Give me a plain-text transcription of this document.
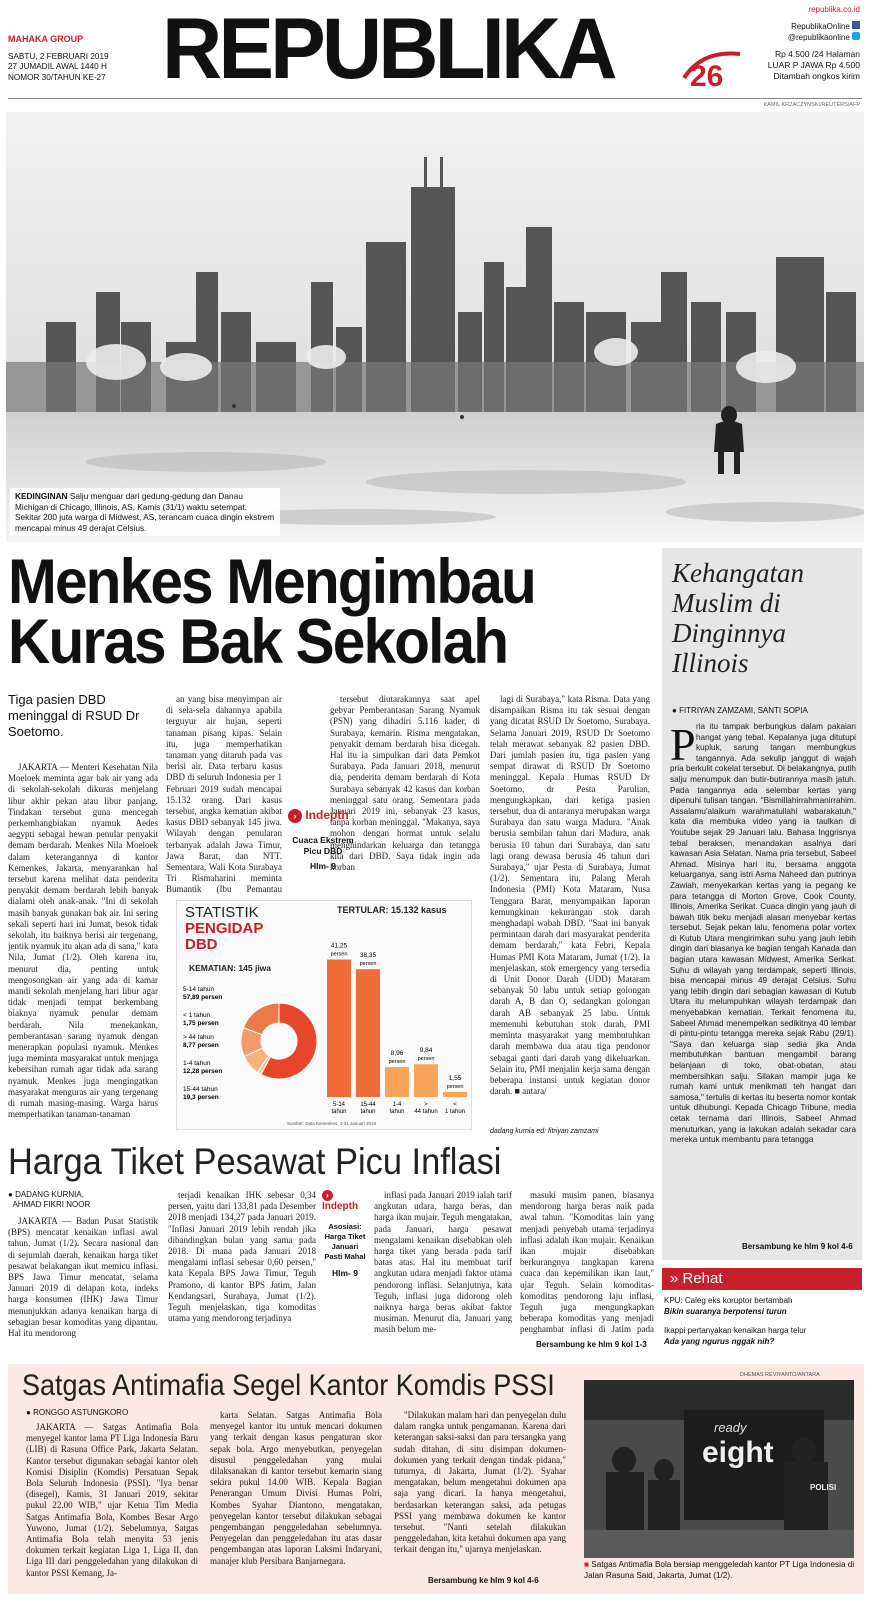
MAHAKA GROUP
SABTU, 2 FEBRUARI 2019
27 JUMADIL AWAL 1440 H
NOMOR 30/TAHUN KE-27 REPUBLIKA	26
republika.co.id
RepublikaOnline
@republikaonline
Rp 4.500 /24 Halaman
LUAR P JAWA Rp 4.500
Ditambah ongkos kirim
KAMIL KRZACZYNSKI/REUTERS/AFP
KEDINGINAN Salju menguar dari gedung-gedung dan Danau Michigan di Chicago, Illinois, AS, Kamis (31/1) waktu setempat. Sekitar 200 juta warga di Midwest, AS, terancam cuaca dingin ekstrem mencapai minus 49 derajat Celsius.
Menkes Mengimbau
Kuras Bak Sekolah
Tiga pasien DBD meninggal di RSUD Dr Soetomo.

JAKARTA — Menteri Kesehatan Nila Moeloek meminta agar bak air yang ada di sekolah-sekolah dikuras menjelang libur akhir pekan atau libur panjang. Tindakan tersebut guna mencegah perkembangbiakan nyamuk Aedes aegypti sebagai hewan penular penyakit demam berdarah. Menkes Nila Moeloek dalam keterangannya di kantor Kemenkes, Jakarta, menyarankan hal tersebut karena melihat data penderita penyakit demam berdarah lebih banyak dialami oleh anak-anak. "Ini di sekolah masih banyak gunakan bak air. Ini sering sekali seperti hari ini Jumat, besok tidak sekolah, itu baiknya berisi air tergenang, jentik nyamuk itu akan ada di sana," kata Nila, Jumat (1/2). Oleh karena itu, menurut dia, penting untuk mengosongkan air yang ada di kamar mandi sekolah menjelang hari libur agar tidak menjadi tempat berkembang biaknya nyamuk penular demam berdarah. Nila menekankan, pemberantasan sarang nyamuk dengan menerapkan populasi nyamuk. Menkes juga meminta masyarakat untuk menjaga kebersihan rumah agar tidak ada sarang nyamuk. Menkes juga mengingatkan masyarakat menguras air yang tergenang di rumah masing-masing. Warga harus memperhatikan tanaman-tanaman

an yang bisa menyimpan air di sela-sela dahannya apabila terguyur air hujan, seperti tanaman pisang kipas. Selain itu, juga memperhatikan tanaman yang ditaruh pada vas berisi air. Data terbaru kasus DBD di seluruh Indonesia per 1 Februari 2019 sudah mencapai 15.132 orang. Dari kasus tersebut, angka kematian akibat kasus DBD sebanyak 145 jiwa. Wilayah dengan penularan terbanyak adalah Jawa Timur, Jawa Barat, dan NTT. Sementara, Wali Kota Surabaya Tri Rismaharini meminta Bumantik (Ibu Pemantau

tersebut diutarakannya saat apel gebyar Pemberantasan Sarang Nyamuk (PSN) yang dihadiri 5.116 kader, di Surabaya, kemarin. Risma mengatakan, penyakit demam berdarah bisa dicegah. Hal itu ia simpulkan dari data Pemkot Surabaya. Pada Januari 2018, menurut dia, penderita demam berdarah di Kota Surabaya sebanyak 42 kasus dan korban meninggal satu orang. Sementara pada Januari 2019 ini, sebanyak 23 kasus, tanpa korban meninggal. "Makanya, saya mohon dengan hormat untuk selalu menghindarkan keluarga dan tetangga kita dari DBD. Saya tidak ingin ada korban

lagi di Surabaya," kata Risma. Data yang disampaikan Risma itu tak sesuai dengan yang dicatat RSUD Dr Soetomo, Surabaya. Selama Januari 2019, RSUD Dr Soetomo telah merawat sebanyak 82 pasien DBD. Dari jumlah pasien itu, tiga pasien yang sempat dirawat di RSUD Dr Soetomo meninggal. Kepala Humas RSUD Dr Soetomo, dr Pesta Parulian, mengungkapkan, dari ketiga pasien tersebut, dua di antaranya merupakan warga Surabaya dan satu warga Madura. "Anak berusia sembilan tahun dari Madura, anak berusia 10 tahun dari Surabaya, dan satu lagi orang dewasa berusia 46 tahun dari Surabaya," ujar Pesta di Surabaya, Jumat (1/2). Sementara itu, Palang Merah Indonesia (PMI) Kota Mataram, Nusa Tenggara Barat, menyampaikan laporan kemungkinan kekurangan stok darah menghadapi wabah DBD. "Saat ini banyak permintaan darah dari masyarakat penderita demam berdarah," kata Febri, Kepala Humas PMI Kota Mataram, Jumat (1/2). Ia menjelaskan, stok emergency yang tersedia di Unit Donor Darah (UDD) Mataram sebanyak 50 labu untuk setiap golongan darah A, B dan O, sedangkan golongan darah AB sebanyak 25 labu. Untuk memenuhi kebutuhan stok darah, PMI meminta masyarakat yang membutuhkan darah membawa dua atau tiga pendonor sebagai ganti dari darah yang dikeluarkan. Selain itu, PMI menjalin kerja sama dengan beberapa instansi untuk kegiatan donor darah. ■ antara/

dadang kurnia ed: fitriyan zamzami
› Indepth
Cuaca Ekstrem Picu DBD
Hlm- 9
STATISTIK
PENGIDAP
DBD
TERTULAR: 15.132 kasus
KEMATIAN: 145 jiwa
Sumber: Data Kemenkes, 1-31 Januari 2019
41,25
persen
5-14
tahun
38,35
persen
15-44
tahun
8,96
persen
1-4
tahun
9,84
persen
>
44 tahun
1,55
persen
<
1 tahun
5-14 tahun
57,89 persen
< 1 tahun
1,75 persen
> 44 tahun
8,77 persen
1-4 tahun
12,28 persen
15-44 tahun
19,3 persen
Kehangatan Muslim di Dinginnya Illinois
● FITRIYAN ZAMZAMI, SANTI SOPIA
P ria itu tampak berbungkus dalam pakaian hangat yang tebal. Kepalanya juga ditutupi kupluk, sarung tangan membungkus tangannya. Ada sekulip janggut di wajah pria berkulit cokelat tersebut. Di belakangnya, putih salju menumpuk dan butir-butirannya masih jatuh. Pada tangannya ada selembar kertas yang dipenuhi tulisan tangan. "Bismillahirrahmanirrahim. Assalamu'alaikum warahmatullahi wabarakatuh," kata dia membuka video yang ia taulkan di Youtube sejak 29 Januari lalu. Bahasa Inggrisnya tebal beraksen, menandakan asalnya dari kawasan Asia Selatan. Nama pria tersebut, Sabeel Ahmad. Misinya hari itu, bersama anggota keluarganya, sang istri Asma Naheed dan putrinya Zawiah, menyekarkan kertas yang ia pegang ke para tetangga di Morton Grove, Cook County, Illinois, Amerika Serikat. Cuaca dingin yang jauh di bawah titik beku menjadi alasan menyebar kertas tersebut. Sejak pekan lalu, fenomena polar vortex di Kutub Utara mengirimkan suhu yang jauh lebih dingin dari biasanya ke bagian tengah Kanada dan bagian utara kawasan Midwest, Amerika Serikat. Suhu di wilayah yang terdampak, seperti Illinois, bisa mencapai minus 49 derajat Celsius. Suhu yang lebih dingin dari sebagian kawasan di Kutub Utara itu melumpuhkan wilayah terdampak dan menyebabkan kematian. Terkait fenomena itu, Sabeel Ahmad menempelkan sedikitnya 40 lembar di pintu-pintu tetangga mereka sejak Rabu (29/1). "Saya dan keluarga siap sedia jika Anda membutuhkan bantuan mengambil barang belanjaan di toko, obat-obatan, atau membersihkan salju. Silakan mampir juga ke rumah kami untuk menikmati teh hangat dan samosa," tertulis di kertas itu beserta nomor kontak untuk dihubungi. Kepada Chicago Tribune, media cetak ternama dari Illinois, Sabeel Ahmad menuturkan, yang ia lakukan adalah sekadar cara mereka untuk membantu para tetangga
Bersambung ke hlm 9 kol 4-6
» Rehat
KPU: Caleg eks koruptor bertambah
Bikin suaranya berpotensi turun
Ikappi pertanyakan kenaikan harga telur
Ada yang ngurus nggak nih?
Harga Tiket Pesawat Picu Inflasi
● DADANG KURNIA,
AHMAD FIKRI NOOR

JAKARTA — Badan Pusat Statistik (BPS) mencatat kenaikan inflasi awal tahun, Jumat (1/2). Secara nasional dan di sejumlah daerah, kenaikan harga tiket pesawat belakangan ikut memicu inflasi. BPS Jawa Timur mencatat, selama Januari 2019 di delapan kota, indeks harga konsumen (IHK) Jawa Timur menunjukkan adanya kenaikan harga di sebagian besar komoditas yang dipantau. Hal itu mendorong

terjadi kenaikan IHK sebesar 0,34 persen, yaitu dari 133,81 pada Desember 2018 menjadi 134,27 pada Januari 2019. "Inflasi Januari 2019 lebih rendah jika dibandingkan bulan yang sama pada 2018. Di mana pada Januari 2018 mengalami inflasi sebesar 0,60 persen," kata Kepala BPS Jawa Timur, Teguh Pramono, di kantor BPS Jatim, Jalan Kendangsari, Surabaya, Jumat (1/2). Teguh menjelaskan, tiga komoditas utama yang mendorong terjadinya

›Indepth
Asosiasi: Harga Tiket Januari Pasti Mahal
Hlm- 9

inflasi pada Januari 2019 ialah tarif angkutan udara, harga beras, dan harga ikan mujair. Teguh mengatakan, pada Januari, harga pesawat mengalami kenaikan disebabkan oleh harga tiket yang berada pada tarif batas atas. Hal itu membuat tarif angkutan udara menjadi faktor utama pendorong inflasi. Selanjutnya, kata Teguh, inflasi juga didorong oleh naiknya harga beras akibat faktor musiman. Menurut dia, Januari yang masih belum me-

masuki musim panen, biasanya mendorong harga beras naik pada awal tahun. "Komoditas lain yang menjadi penyebab utama terjadinya inflasi adalah ikan mujair. Kenaikan ikan mujair disebabkan berkurangnya tangkapan karena cuaca dan kepemilikan ikan laut," ujar Teguh. Selain komoditas-komoditas pendorong laju inflasi, Teguh juga mengungkapkan beberapa komoditas yang menjadi penghambat inflasi di Jatim pada

Bersambung ke hlm 9 kol 1-3
Satgas Antimafia Segel Kantor Komdis PSSI
● RONGGO ASTUNGKORO

JAKARTA — Satgas Antimafia Bola menyegel kantor lama PT Liga Indonesia Baru (LIB) di Rasuna Office Park, Jakarta Selatan. Kantor tersebut digunakan sebagai kantor oleh Komisi Disiplin (Komdis) Persatuan Sepak Bola Seluruh Indonesia (PSSI). "Iya benar (disegel), Kamis, 31 Januari 2019, sekitar pukul 22.00 WIB," ujar Ketua Tim Media Satgas Antimafia Bola, Kombes Besar Argo Yuwono, Jumat (1/2). Sebelumnya, Satgas Antimafia Bola telah menyita 53 jenis dokumen terkait kegiatan Liga 1, Liga II, dan Liga III dari penggeledahan yang dilakukan di kantor PSSI Kemang, Ja-

karta Selatan. Satgas Antimafia Bola menyegel kantor itu untuk mencari dokumen yang terkait dengan kasus pengaturan skor sepak bola. Argo menyebutkan, penyegelan disusul penggeledahan yang mulai dilaksanakan di kantor tersebut kemarin siang sekira pukul 14.00 WIB. Kepala Bagian Penerangan Umum Divisi Humas Polri, Kombes Syahar Diantono, mengatakan, penyegelan kantor tersebut dilakukan sebagai pengembangan penggeledahan sebelumnya. Penyegelan dan penggeledahan itu atas dasar pengembangan atas laporan Laksmi Indaryani, manajer klub Persibara Banjarnegara.

"Dilakukan malam hari dan penyegelan dulu dalam rangka untuk pengamanan. Karena dari keterangan saksi-saksi dan para tersangka yang sudah ditahan, di situ disimpan dokumen-dokumen yang terkait dengan tindak pidana," tuturnya, di Jakarta, Jumat (1/2). Syahar mengatakan, belum mengetahui dokumen apa saja yang dicari. Ia hanya mengetahui, berdasarkan keterangan saksi, ada petugas PSSI yang membawa dokumen ke kantor tersebut. "Nanti setelah dilakukan penggeledahan, kita ketahui dokumen apa yang terkait dengan itu," ujarnya menjelaskan.

Bersambung ke hlm 9 kol 4-6
DHEMAS REVIYANTO/ANTARA
ready
eight
POLISI
■ Satgas Antimafia Bola bersiap menggeledah kantor PT Liga Indonesia di Jalan Rasuna Said, Jakarta, Jumat (1/2).
